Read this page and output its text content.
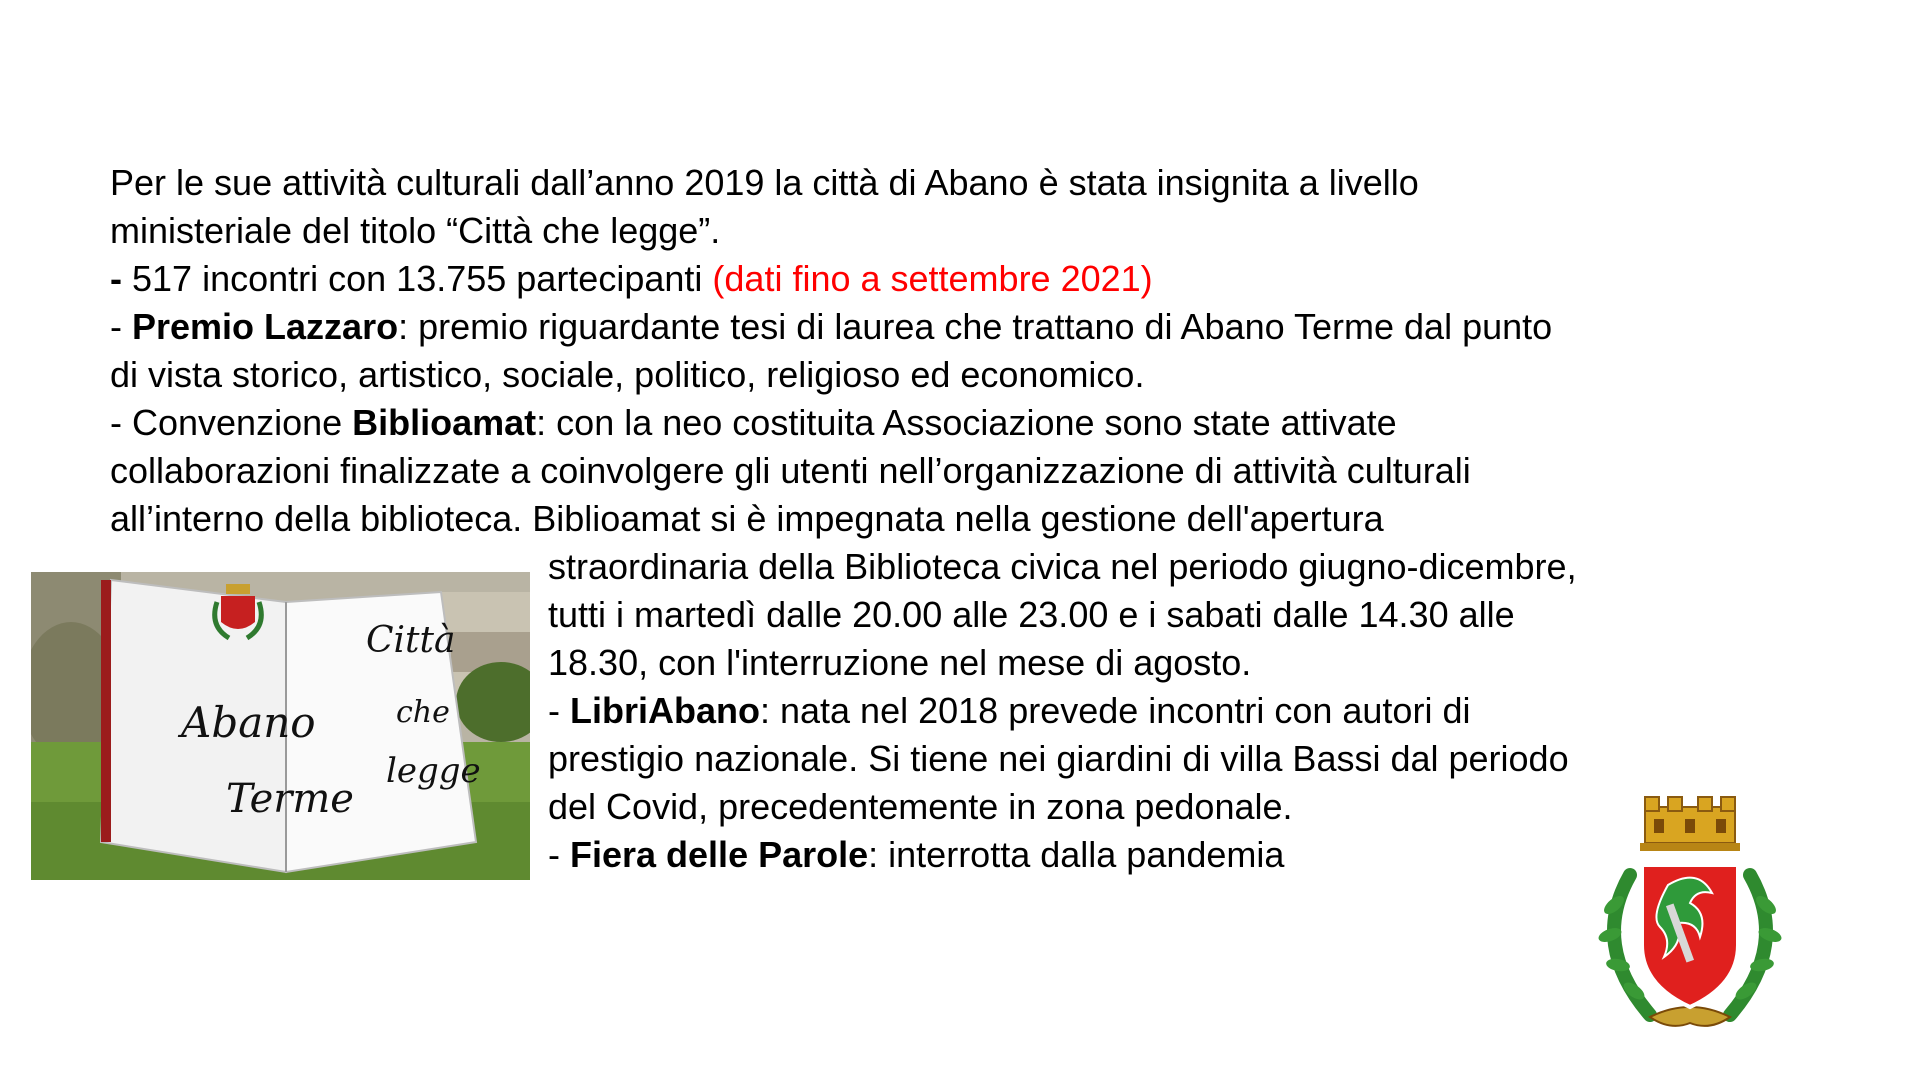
Per le sue attività culturali dall’anno 2019 la città di Abano è stata insignita a livello
ministeriale del titolo “Città che legge”.
- 517 incontri con 13.755 partecipanti (dati fino a settembre 2021)
- Premio Lazzaro: premio riguardante tesi di laurea che trattano di Abano Terme dal punto
di vista storico, artistico, sociale, politico, religioso ed economico.
- Convenzione Biblioamat: con la neo costituita Associazione sono state attivate
collaborazioni finalizzate a coinvolgere gli utenti nell’organizzazione di attività culturali
all’interno della biblioteca. Biblioamat si è impegnata nella gestione dell'apertura
straordinaria della Biblioteca civica nel periodo giugno-dicembre,
tutti i martedì dalle 20.00 alle 23.00 e i sabati dalle 14.30 alle
18.30, con l'interruzione nel mese di agosto.
- LibriAbano: nata nel 2018 prevede incontri con autori di
prestigio nazionale. Si tiene nei giardini di villa Bassi dal periodo
del Covid, precedentemente in zona pedonale.
- Fiera delle Parole: interrotta dalla pandemia
Abano
Terme
Città
che
legge
